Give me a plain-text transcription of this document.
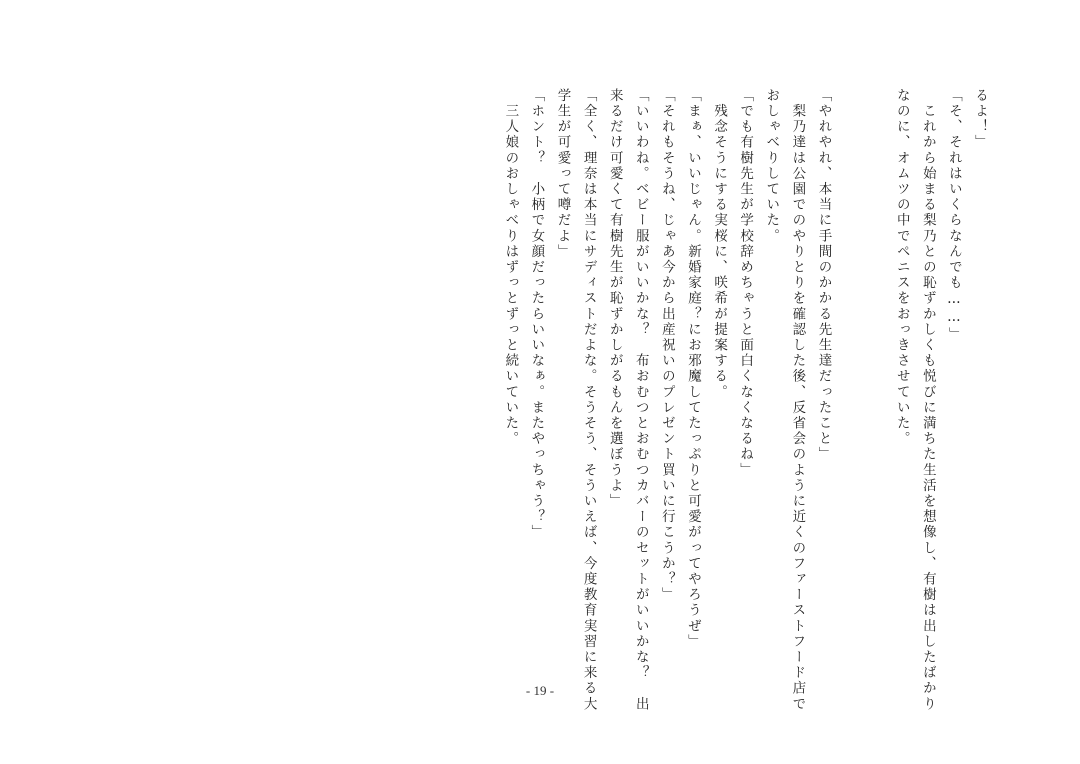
るよ！」
「そ、それはいくらなんでも……」
　これから始まる梨乃との恥ずかしくも悦びに満ちた生活を想像し、有樹は出したばかり
なのに、オムツの中でペニスをおっきさせていた。
「やれやれ、本当に手間のかかる先生達だったこと」
　梨乃達は公園でのやりとりを確認した後、反省会のように近くのファーストフード店で
おしゃべりしていた。
「でも有樹先生が学校辞めちゃうと面白くなくなるね」
　残念そうにする実桜に、咲希が提案する。
「まぁ、いいじゃん。新婚家庭？にお邪魔してたっぷりと可愛がってやろうぜ」
「それもそうね、じゃあ今から出産祝いのプレゼント買いに行こうか？」
「いいわね。ベビー服がいいかな？　布おむつとおむつカバーのセットがいいかな？　出
来るだけ可愛くて有樹先生が恥ずかしがるもんを選ぼうよ」
「全く、理奈は本当にサディストだよな。そうそう、そういえば、今度教育実習に来る大
学生が可愛って噂だよ」
「ホント？　小柄で女顔だったらいいなぁ。またやっちゃう？」
　三人娘のおしゃべりはずっとずっと続いていた。
- 19 -
